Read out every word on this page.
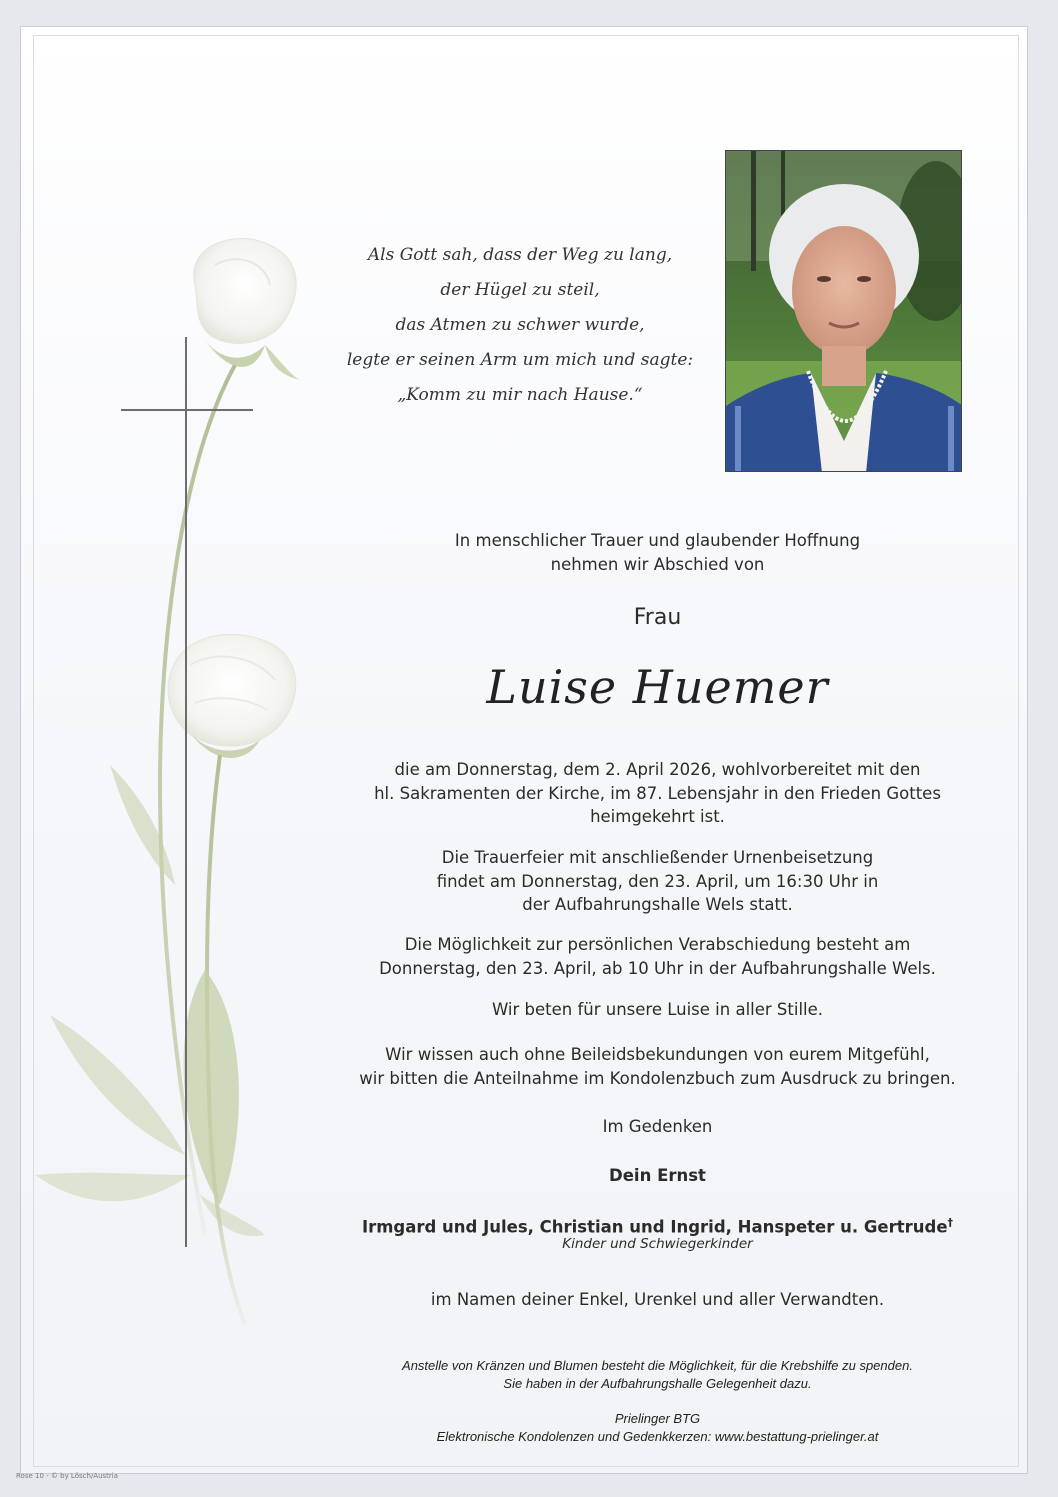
Als Gott sah, dass der Weg zu lang,
der Hügel zu steil,
das Atmen zu schwer wurde,
legte er seinen Arm um mich und sagte:
„Komm zu mir nach Hause.“
In menschlicher Trauer und glaubender Hoffnung
nehmen wir Abschied von
Frau
Luise Huemer
die am Donnerstag, dem 2. April 2026, wohlvorbereitet mit den
hl. Sakramenten der Kirche, im 87. Lebensjahr in den Frieden Gottes
heimgekehrt ist.
Die Trauerfeier mit anschließender Urnenbeisetzung
findet am Donnerstag, den 23. April, um 16:30 Uhr in
der Aufbahrungshalle Wels statt.
Die Möglichkeit zur persönlichen Verabschiedung besteht am
Donnerstag, den 23. April, ab 10 Uhr in der Aufbahrungshalle Wels.
Wir beten für unsere Luise in aller Stille.
Wir wissen auch ohne Beileidsbekundungen von eurem Mitgefühl,
wir bitten die Anteilnahme im Kondolenzbuch zum Ausdruck zu bringen.
Im Gedenken
Dein Ernst
Irmgard und Jules, Christian und Ingrid, Hanspeter u. Gertrude†
Kinder und Schwiegerkinder
im Namen deiner Enkel, Urenkel und aller Verwandten.
Anstelle von Kränzen und Blumen besteht die Möglichkeit, für die Krebshilfe zu spenden.
Sie haben in der Aufbahrungshalle Gelegenheit dazu.
Prielinger BTG
Elektronische Kondolenzen und Gedenkkerzen: www.bestattung-prielinger.at
Rose 10 - © by Lösch/Austria
